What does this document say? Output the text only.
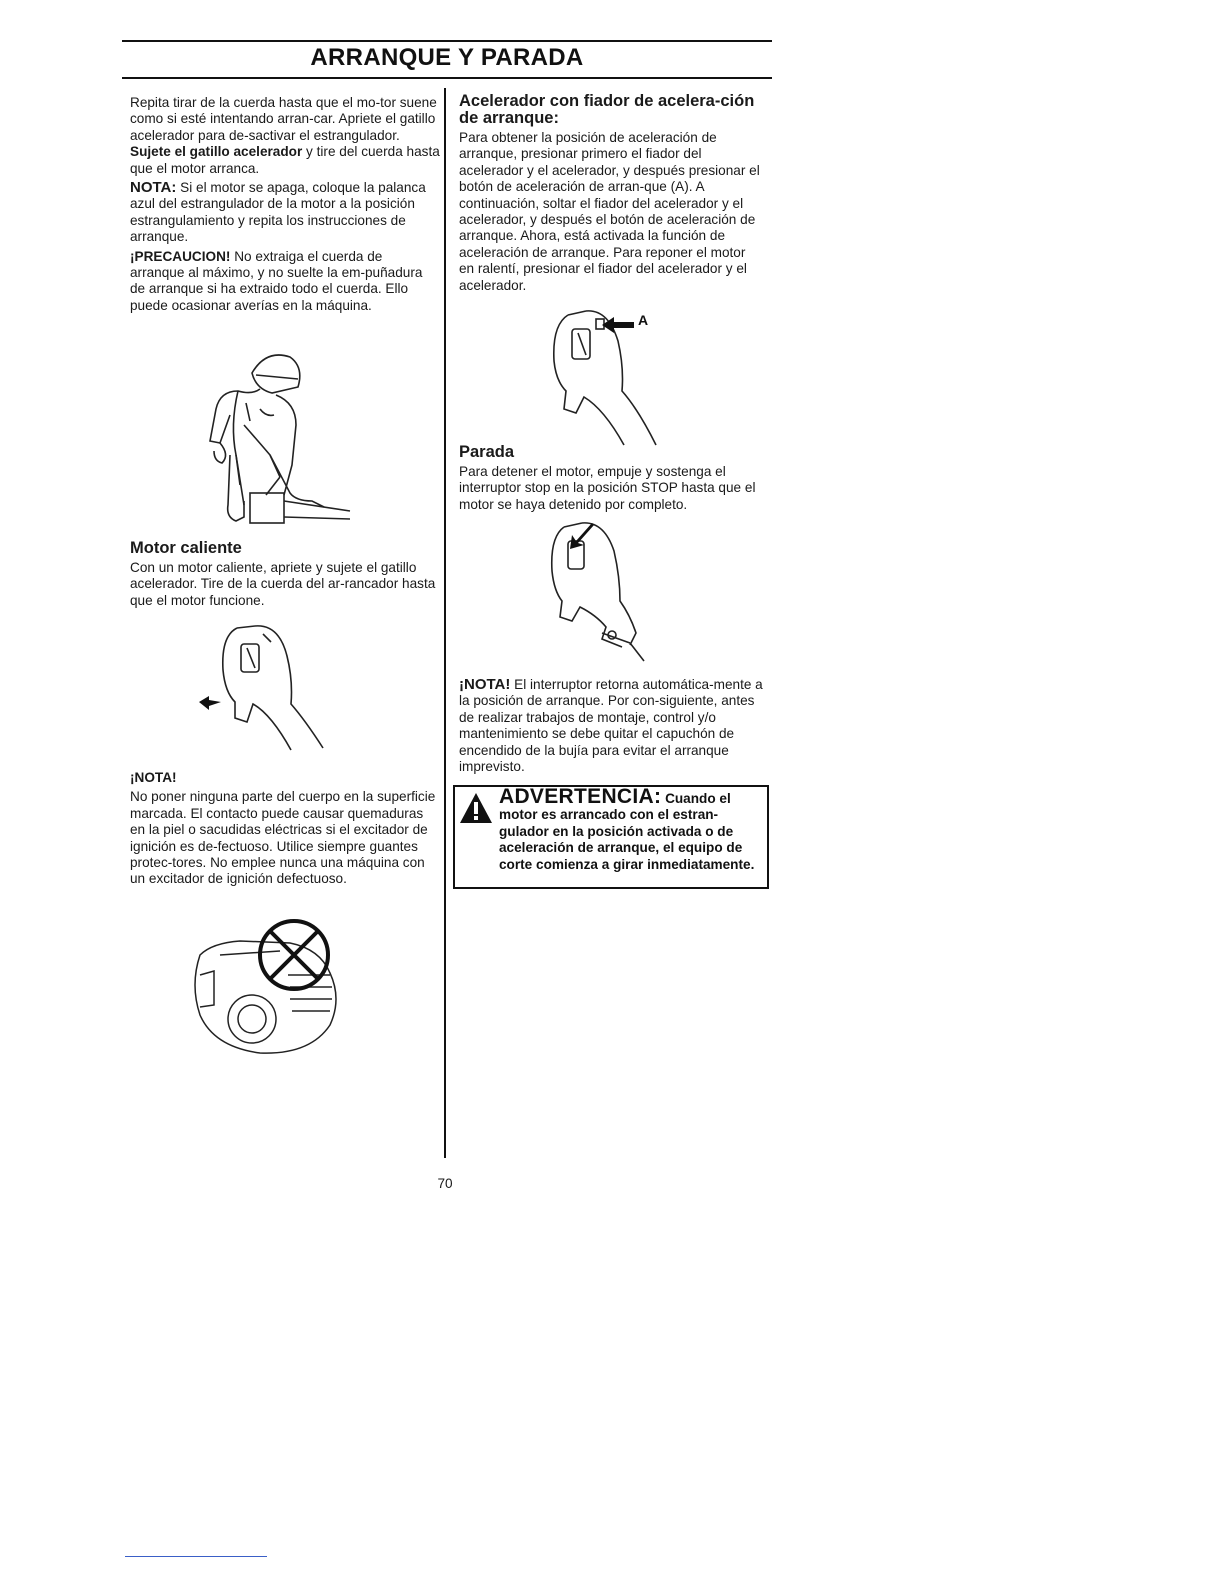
ARRANQUE Y PARADA

Repita tirar de la cuerda hasta que el mo-tor suene como si esté intentando arran-car. Apriete el gatillo acelerador para de-sactivar el estrangulador. Sujete el gatillo acelerador y tire del cuerda hasta que el motor arranca.

NOTA: Si el motor se apaga, coloque la palanca azul del estrangulador de la motor a la posición estrangulamiento y repita los instrucciones de arranque.

¡PRECAUCION! No extraiga el cuerda de arranque al máximo, y no suelte la em-puñadura de arranque si ha extraido todo el cuerda. Ello puede ocasionar averías en la máquina.

Motor caliente

Con un motor caliente, apriete y sujete el gatillo acelerador. Tire de la cuerda del ar-rancador hasta que el motor funcione.

¡NOTA!

No poner ninguna parte del cuerpo en la superficie marcada. El contacto puede causar quemaduras en la piel o sacudidas eléctricas si el excitador de ignición es de-fectuoso. Utilice siempre guantes protec-tores. No emplee nunca una máquina con un excitador de ignición defectuoso.

Acelerador con fiador de acelera-ción de arranque:

Para obtener la posición de aceleración de arranque, presionar primero el fiador del acelerador y el acelerador, y después presionar el botón de aceleración de arran-que (A). A continuación, soltar el fiador del acelerador y el acelerador, y después el botón de aceleración de arranque. Ahora, está activada la función de aceleración de arranque. Para reponer el motor en ralentí, presionar el fiador del acelerador y el acelerador.

A

Parada

Para detener el motor, empuje y sostenga el interruptor stop en la posición STOP hasta que el motor se haya detenido por completo.

¡NOTA! El interruptor retorna automática-mente a la posición de arranque. Por con-siguiente, antes de realizar trabajos de montaje, control y/o mantenimiento se debe quitar el capuchón de encendido de la bujía para evitar el arranque imprevisto.

ADVERTENCIA: Cuando el motor es arrancado con el estran-gulador en la posición activada o de aceleración de arranque, el equipo de corte comienza a girar inmediatamente.
70
